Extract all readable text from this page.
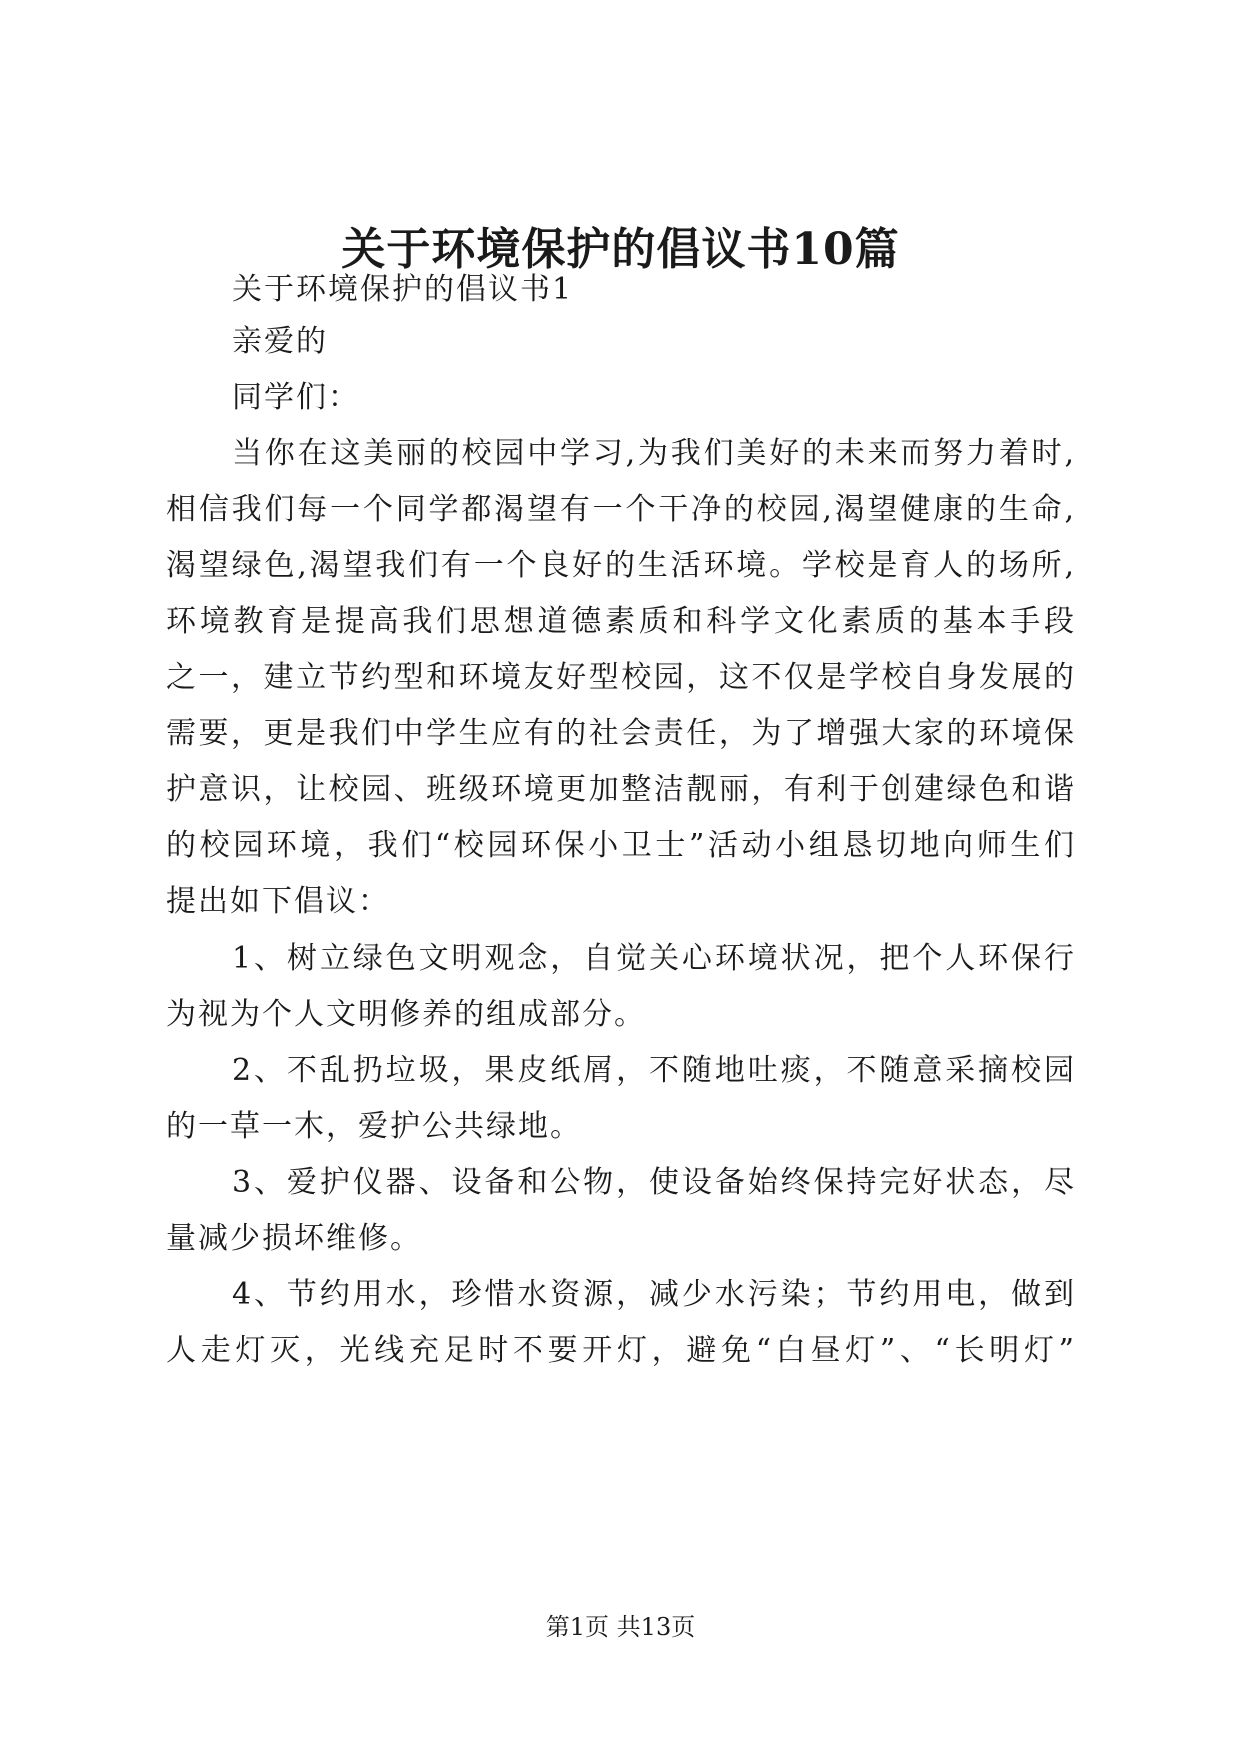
关于环境保护的倡议书10篇
关于环境保护的倡议书1
亲爱的
同学们：
当你在这美丽的校园中学习,为我们美好的未来而努力着时,
相信我们每一个同学都渴望有一个干净的校园,渴望健康的生命,
渴望绿色,渴望我们有一个良好的生活环境。学校是育人的场所,
环境教育是提高我们思想道德素质和科学文化素质的基本手段
之一，建立节约型和环境友好型校园，这不仅是学校自身发展的
需要，更是我们中学生应有的社会责任，为了增强大家的环境保
护意识，让校园、班级环境更加整洁靓丽，有利于创建绿色和谐
的校园环境，我们“校园环保小卫士”活动小组恳切地向师生们
提出如下倡议：
1、树立绿色文明观念，自觉关心环境状况，把个人环保行
为视为个人文明修养的组成部分。
2、不乱扔垃圾，果皮纸屑，不随地吐痰，不随意采摘校园
的一草一木，爱护公共绿地。
3、爱护仪器、设备和公物，使设备始终保持完好状态，尽
量减少损坏维修。
4、节约用水，珍惜水资源，减少水污染；节约用电，做到
人走灯灭，光线充足时不要开灯，避免“白昼灯”、“长明灯”
第1页 共13页
